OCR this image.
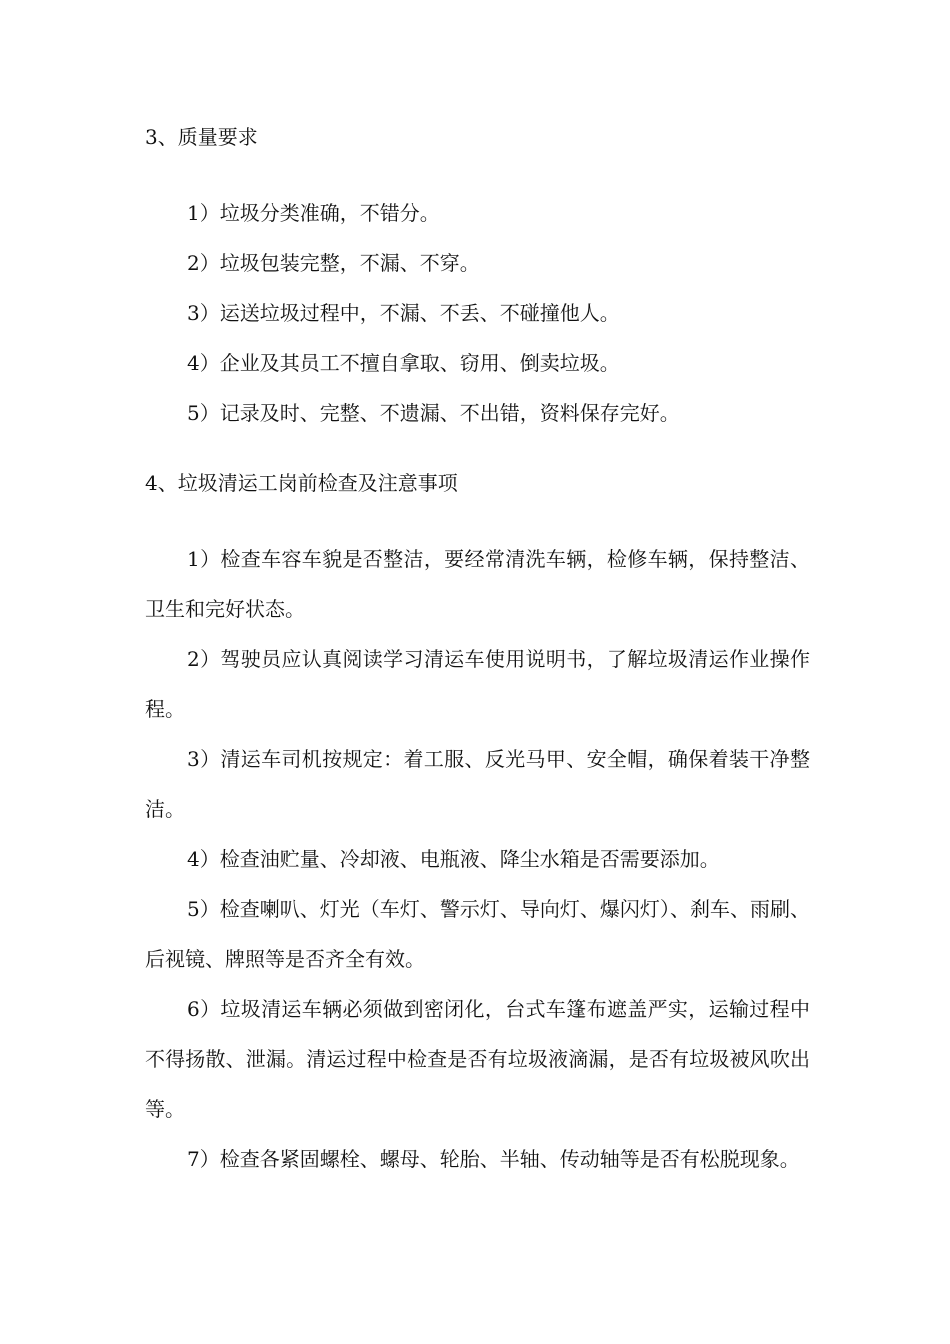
3、质量要求

1）垃圾分类准确，不错分。

2）垃圾包装完整，不漏、不穿。

3）运送垃圾过程中，不漏、不丢、不碰撞他人。

4）企业及其员工不擅自拿取、窃用、倒卖垃圾。

5）记录及时、完整、不遗漏、不出错，资料保存完好。

4、垃圾清运工岗前检查及注意事项

1）检查车容车貌是否整洁，要经常清洗车辆，检修车辆，保持整洁、卫生和完好状态。

2）驾驶员应认真阅读学习清运车使用说明书，了解垃圾清运作业操作程。

3）清运车司机按规定：着工服、反光马甲、安全帽，确保着装干净整洁。

4）检查油贮量、冷却液、电瓶液、降尘水箱是否需要添加。

5）检查喇叭、灯光（车灯、警示灯、导向灯、爆闪灯）、刹车、雨刷、后视镜、牌照等是否齐全有效。

6）垃圾清运车辆必须做到密闭化，台式车篷布遮盖严实，运输过程中不得扬散、泄漏。清运过程中检查是否有垃圾液滴漏，是否有垃圾被风吹出等。

7）检查各紧固螺栓、螺母、轮胎、半轴、传动轴等是否有松脱现象。
